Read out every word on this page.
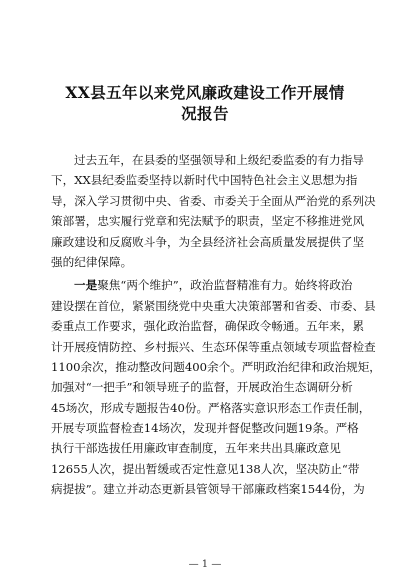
XX县五年以来党风廉政建设工作开展情
况报告
过去五年，在县委的坚强领导和上级纪委监委的有力指导
下，XX县纪委监委坚持以新时代中国特色社会主义思想为指
导，深入学习贯彻中央、省委、市委关于全面从严治党的系列决
策部署，忠实履行党章和宪法赋予的职责，坚定不移推进党风
廉政建设和反腐败斗争，为全县经济社会高质量发展提供了坚
强的纪律保障。
一是聚焦“两个维护”，政治监督精准有力。始终将政治
建设摆在首位，紧紧围绕党中央重大决策部署和省委、市委、县
委重点工作要求，强化政治监督，确保政令畅通。五年来，累
计开展疫情防控、乡村振兴、生态环保等重点领域专项监督检查
1100余次，推动整改问题400余个。严明政治纪律和政治规矩，
加强对“一把手”和领导班子的监督，开展政治生态调研分析
45场次，形成专题报告40份。严格落实意识形态工作责任制，
开展专项监督检查14场次，发现并督促整改问题19条。严格
执行干部选拔任用廉政审查制度，五年来共出具廉政意见
12655人次，提出暂缓或否定性意见138人次，坚决防止“带
病提拔”。建立并动态更新县管领导干部廉政档案1544份，为
— 1 —
